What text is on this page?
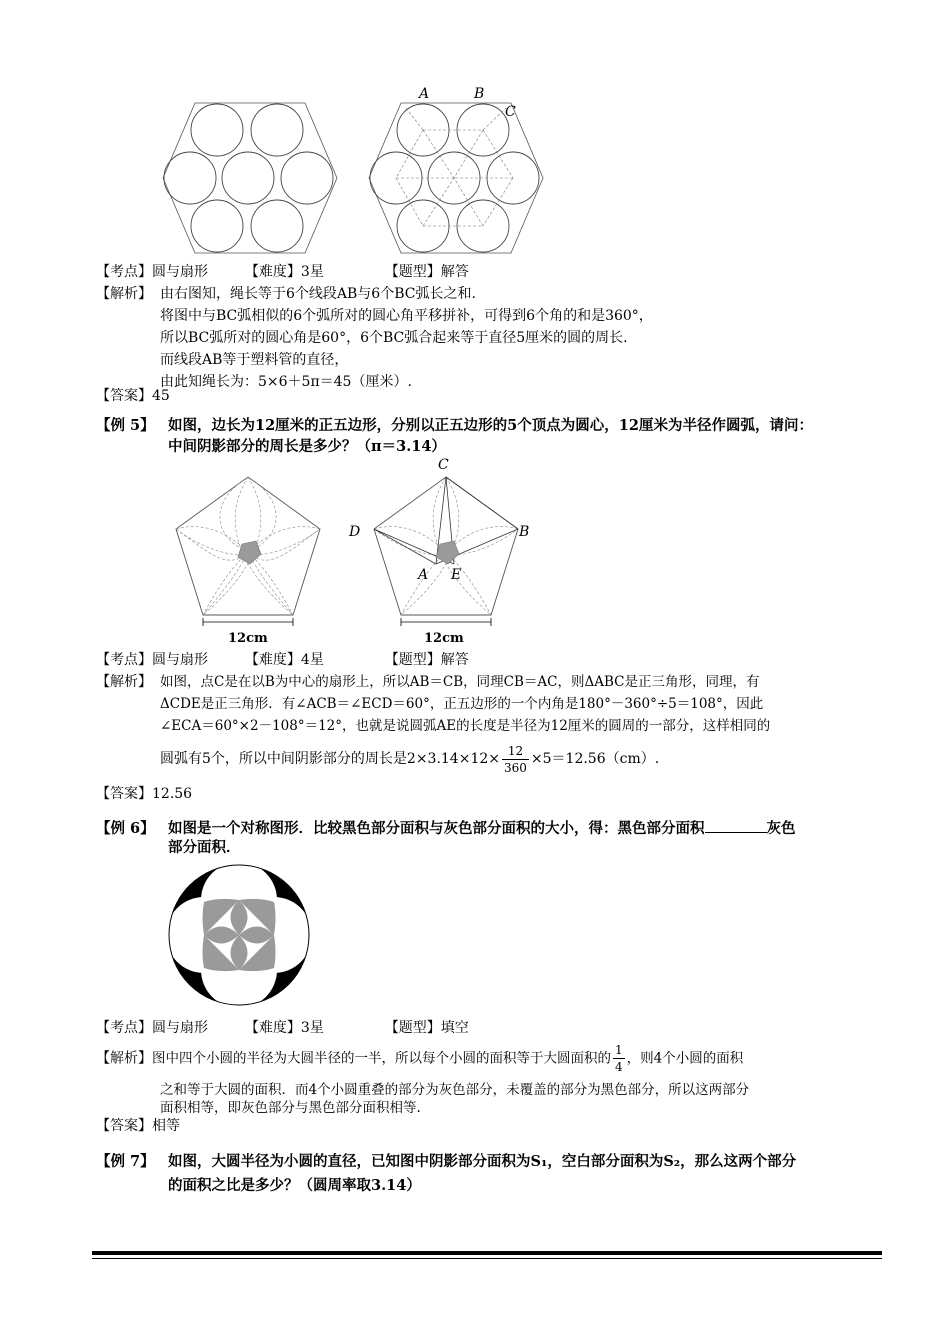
A	B
C
【考点】圆与扇形	【难度】3星	【题型】解答
【解析】 由右图知，绳长等于6个线段AB与6个BC弧长之和.
将图中与BC弧相似的6个弧所对的圆心角平移拼补，可得到6个角的和是360°，
所以BC弧所对的圆心角是60°，6个BC弧合起来等于直径5厘米的圆的周长.
而线段AB等于塑料管的直径，
由此知绳长为：5×6＋5π＝45（厘米）.
【答案】45
【例 5】 如图，边长为12厘米的正五边形，分别以正五边形的5个顶点为圆心，12厘米为半径作圆弧，请问：
中间阴影部分的周长是多少？（π＝3.14）
12cm
C
D	B
A E
12cm
【考点】圆与扇形	【难度】4星	【题型】解答
【解析】 如图，点C是在以B为中心的扇形上，所以AB＝CB，同理CB＝AC，则ΔABC是正三角形，同理，有
ΔCDE是正三角形．有∠ACB＝∠ECD＝60°，正五边形的一个内角是180°－360°÷5＝108°，因此
∠ECA＝60°×2－108°＝12°，也就是说圆弧AE的长度是半径为12厘米的圆周的一部分，这样相同的
圆弧有5个，所以中间阴影部分的周长是$2\times 3.14\times 12\times \frac{12}{360} \times 5=12.56(cm)$.
【答案】12.56
【例 6】 如图是一个对称图形．比较黑色部分面积与灰色部分面积的大小，得：黑色部分面积	灰色
部分面积．
【考点】圆与扇形	【难度】3星	【题型】填空
【解析】图中四个小圆的半径为大圆半径的一半，所以每个小圆的面积等于大圆面积的 $\frac{1}{4}$ ，则4个小圆的面积
之和等于大圆的面积．而4个小圆重叠的部分为灰色部分，未覆盖的部分为黑色部分，所以这两部分
面积相等，即灰色部分与黑色部分面积相等.
【答案】相等
【例 7】 如图，大圆半径为小圆的直径，已知图中阴影部分面积为S₁，空白部分面积为S₂，那么这两个部分
的面积之比是多少？（圆周率取3.14）
